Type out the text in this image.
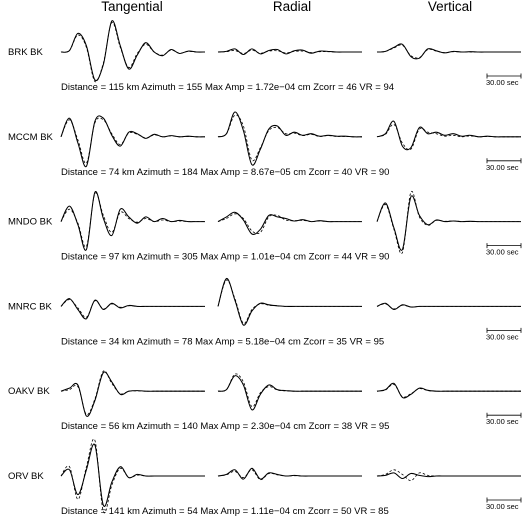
Tangential	Radial	Vertical
BRK BK
Distance = 115 km Azimuth = 155 Max Amp = 1.72e−04 cm Zcorr = 46 VR = 94	30.00 sec
MCCM BK
Distance = 74 km Azimuth = 184 Max Amp = 8.67e−05 cm Zcorr = 40 VR = 90	30.00 sec
MNDO BK
Distance = 97 km Azimuth = 305 Max Amp = 1.01e−04 cm Zcorr = 44 VR = 90	30.00 sec
MNRC BK
Distance = 34 km Azimuth = 78 Max Amp = 5.18e−04 cm Zcorr = 35 VR = 95	30.00 sec
OAKV BK
Distance = 56 km Azimuth = 140 Max Amp = 2.30e−04 cm Zcorr = 38 VR = 95	30.00 sec
ORV BK
Distance = 141 km Azimuth = 54 Max Amp = 1.11e−04 cm Zcorr = 50 VR = 85	30.00 sec
